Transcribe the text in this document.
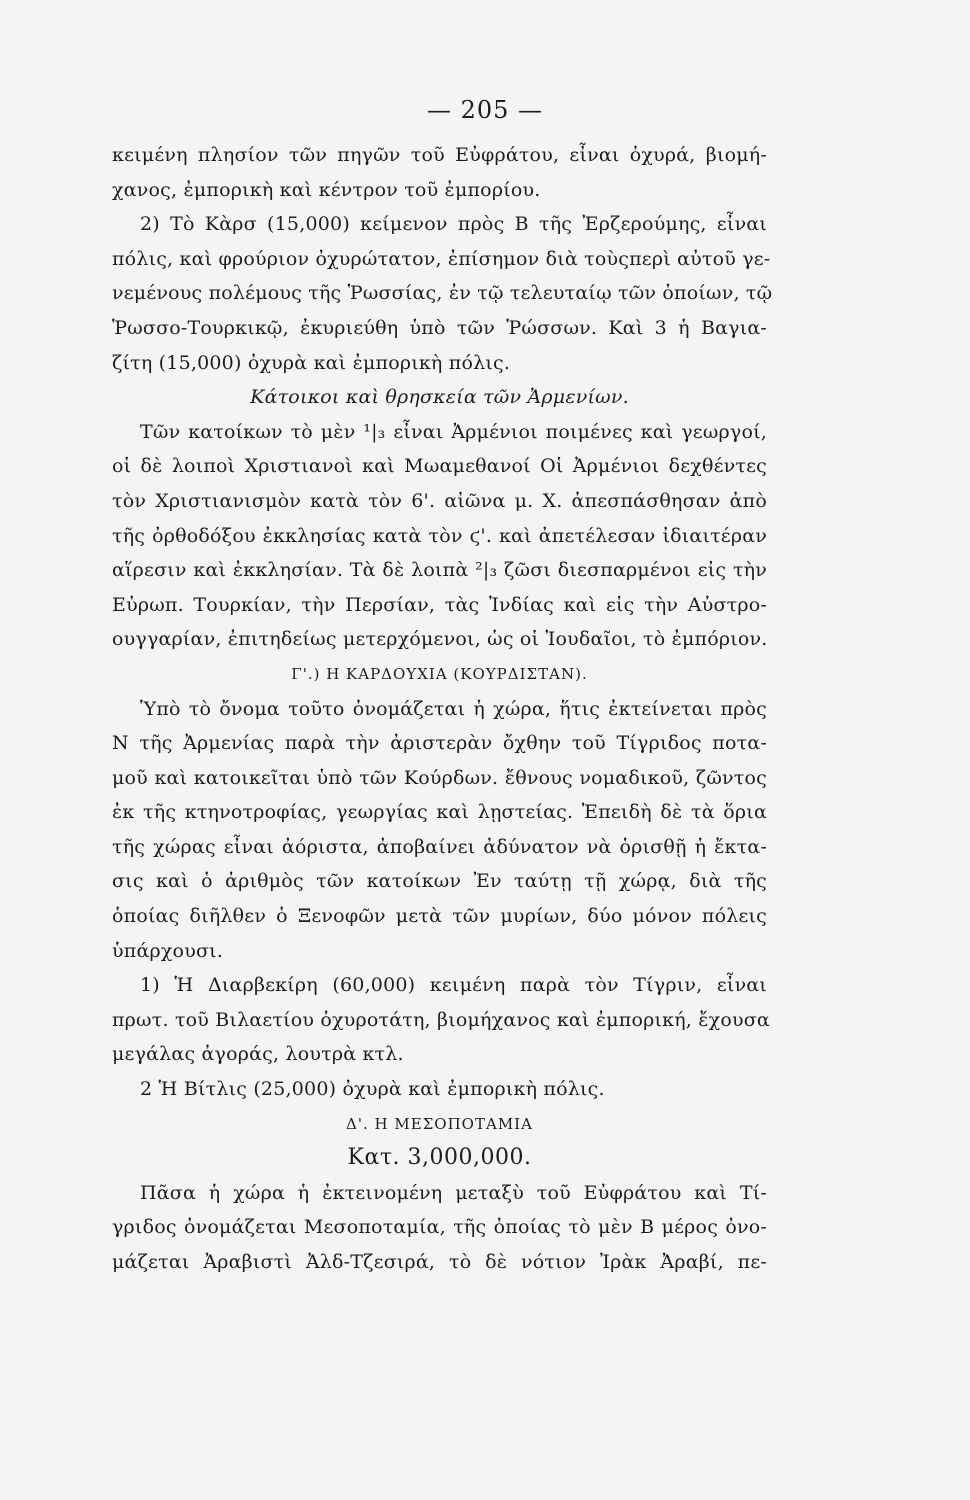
— 205 —
κειμένη πλησίον τῶν πηγῶν τοῦ Εὐφράτου, εἶναι ὀχυρά, βιομή-
χανος, ἐμπορικὴ καὶ κέντρον τοῦ ἐμπορίου.
2) Τὸ Κὰρσ (15,000) κείμενον πρὸς Β τῆς Ἐρζερούμης, εἶναι
πόλις, καὶ φρούριον ὀχυρώτατον, ἐπίσημον διὰ τοὺςπερὶ αὐτοῦ γε-
νεμένους πολέμους τῆς Ῥωσσίας, ἐν τῷ τελευταίῳ τῶν ὁποίων, τῷ
Ῥωσσο-Τουρκικῷ, ἐκυριεύθη ὑπὸ τῶν Ῥώσσων. Καὶ 3 ἡ Βαγια-
ζίτη (15,000) ὀχυρὰ καὶ ἐμπορικὴ πόλις.
Κάτοικοι καὶ θρησκεία τῶν Ἀρμενίων.
Τῶν κατοίκων τὸ μὲν ¹|₃ εἶναι Ἀρμένιοι ποιμένες καὶ γεωργοί,
οἱ δὲ λοιποὶ Χριστιανοὶ καὶ Μωαμεθανοί Οἱ Ἀρμένιοι δεχθέντες
τὸν Χριστιανισμὸν κατὰ τὸν 6'. αἰῶνα μ. Χ. ἀπεσπάσθησαν ἀπὸ
τῆς ὀρθοδόξου ἐκκλησίας κατὰ τὸν ϛ'. καὶ ἀπετέλεσαν ἰδιαιτέραν
αἵρεσιν καὶ ἐκκλησίαν. Τὰ δὲ λοιπὰ ²|₃ ζῶσι διεσπαρμένοι εἰς τὴν
Εὐρωπ. Τουρκίαν, τὴν Περσίαν, τὰς Ἰνδίας καὶ εἰς τὴν Αὐστρο-
ουγγαρίαν, ἐπιτηδείως μετερχόμενοι, ὡς οἱ Ἰουδαῖοι, τὸ ἐμπόριον.
Γ'.) Η ΚΑΡΔΟΥΧΙΑ (ΚΟΥΡΔΙΣΤΑΝ).
Ὑπὸ τὸ ὄνομα τοῦτο ὀνομάζεται ἡ χώρα, ἥτις ἐκτείνεται πρὸς
Ν τῆς Ἀρμενίας παρὰ τὴν ἀριστερὰν ὄχθην τοῦ Τίγριδος ποτα-
μοῦ καὶ κατοικεῖται ὑπὸ τῶν Κούρδων. ἔθνους νομαδικοῦ, ζῶντος
ἐκ τῆς κτηνοτροφίας, γεωργίας καὶ λῃστείας. Ἐπειδὴ δὲ τὰ ὅρια
τῆς χώρας εἶναι ἀόριστα, ἀποβαίνει ἀδύνατον νὰ ὁρισθῇ ἡ ἔκτα-
σις καὶ ὁ ἀριθμὸς τῶν κατοίκων Ἐν ταύτῃ τῇ χώρᾳ, διὰ τῆς
ὁποίας διῆλθεν ὁ Ξενοφῶν μετὰ τῶν μυρίων, δύο μόνον πόλεις
ὑπάρχουσι.
1) Ἡ Διαρβεκίρη (60,000) κειμένη παρὰ τὸν Τίγριν, εἶναι
πρωτ. τοῦ Βιλαετίου ὀχυροτάτη, βιομήχανος καὶ ἐμπορική, ἔχουσα
μεγάλας ἀγοράς, λουτρὰ κτλ.
2 Ἡ Βίτλις (25,000) ὀχυρὰ καὶ ἐμπορικὴ πόλις.
Δ'. Η ΜΕΣΟΠΟΤΑΜΙΑ
Κατ. 3,000,000.
Πᾶσα ἡ χώρα ἡ ἐκτεινομένη μεταξὺ τοῦ Εὐφράτου καὶ Τί-
γριδος ὀνομάζεται Μεσοποταμία, τῆς ὁποίας τὸ μὲν Β μέρος ὀνο-
μάζεται Ἀραβιστὶ Ἀλδ-Τζεσιρά, τὸ δὲ νότιον Ἰρὰκ Ἀραβί, πε-
